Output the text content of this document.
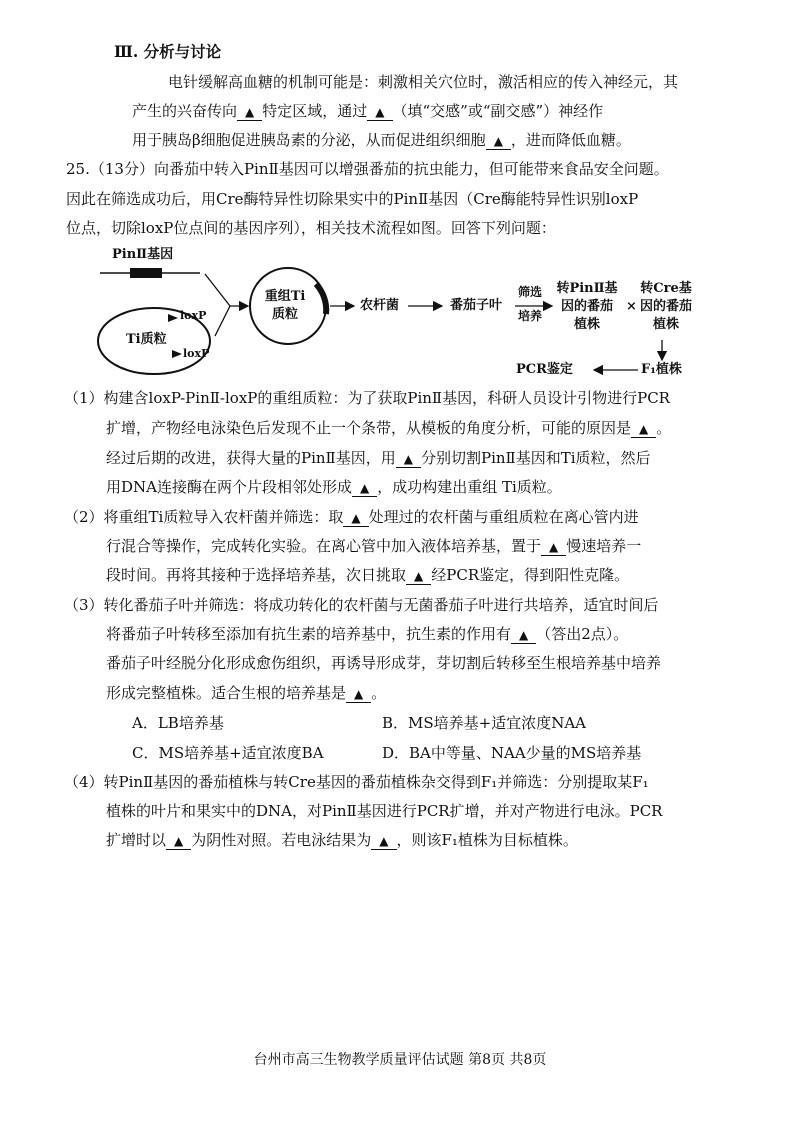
Ⅲ. 分析与讨论
电针缓解高血糖的机制可能是：刺激相关穴位时，激活相应的传入神经元，其
产生的兴奋传向 ▲ 特定区域，通过 ▲ （填“交感”或“副交感”）神经作
用于胰岛β细胞促进胰岛素的分泌，从而促进组织细胞 ▲ ，进而降低血糖。
25.（13分）向番茄中转入PinⅡ基因可以增强番茄的抗虫能力，但可能带来食品安全问题。
因此在筛选成功后，用Cre酶特异性切除果实中的PinⅡ基因（Cre酶能特异性识别loxP
位点，切除loxP位点间的基因序列），相关技术流程如图。回答下列问题：
PinⅡ基因
Ti质粒
loxP
loxP
重组Ti质粒
农杆菌	番茄子叶
筛选
培养
转PinⅡ基因的番茄植株
×
转Cre基因的番茄植株
F₁植株
PCR鉴定
（1）构建含loxP-PinⅡ-loxP的重组质粒：为了获取PinⅡ基因，科研人员设计引物进行PCR
扩增，产物经电泳染色后发现不止一个条带，从模板的角度分析，可能的原因是 ▲ 。
经过后期的改进，获得大量的PinⅡ基因，用 ▲ 分别切割PinⅡ基因和Ti质粒，然后
用DNA连接酶在两个片段相邻处形成 ▲ ，成功构建出重组 Ti质粒。
（2）将重组Ti质粒导入农杆菌并筛选：取 ▲ 处理过的农杆菌与重组质粒在离心管内进
行混合等操作，完成转化实验。在离心管中加入液体培养基，置于 ▲ 慢速培养一
段时间。再将其接种于选择培养基，次日挑取 ▲ 经PCR鉴定，得到阳性克隆。
（3）转化番茄子叶并筛选：将成功转化的农杆菌与无菌番茄子叶进行共培养，适宜时间后
将番茄子叶转移至添加有抗生素的培养基中，抗生素的作用有 ▲ （答出2点）。
番茄子叶经脱分化形成愈伤组织，再诱导形成芽，芽切割后转移至生根培养基中培养
形成完整植株。适合生根的培养基是 ▲ 。
A．LB培养基	B．MS培养基+适宜浓度NAA
C．MS培养基+适宜浓度BA	D．BA中等量、NAA少量的MS培养基
（4）转PinⅡ基因的番茄植株与转Cre基因的番茄植株杂交得到F₁并筛选：分别提取某F₁
植株的叶片和果实中的DNA，对PinⅡ基因进行PCR扩增，并对产物进行电泳。PCR
扩增时以 ▲ 为阴性对照。若电泳结果为 ▲ ，则该F₁植株为目标植株。
台州市高三生物教学质量评估试题 第8页 共8页
